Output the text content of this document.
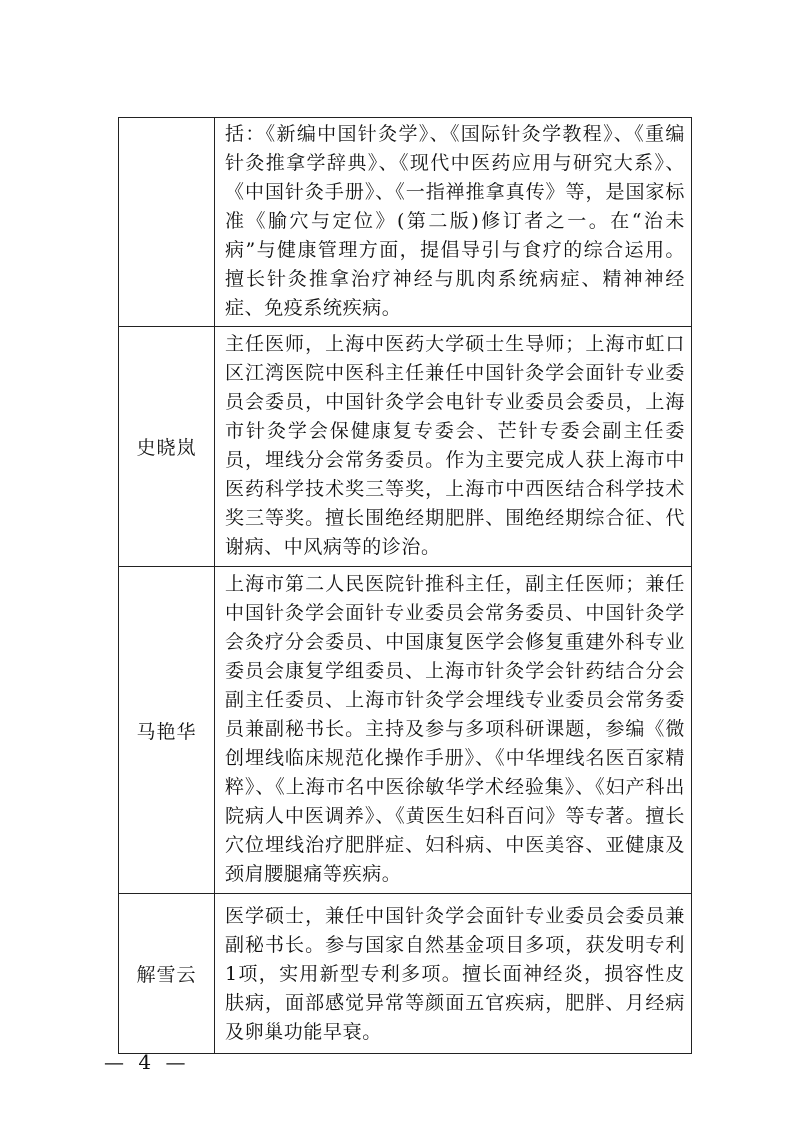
	括：《新编中国针灸学》、《国际针灸学教程》、《重编针灸推拿学辞典》、《现代中医药应用与研究大系》、《中国针灸手册》、《一指禅推拿真传》等，是国家标准《腧穴与定位》(第二版)修订者之一。在“治未病”与健康管理方面，提倡导引与食疗的综合运用。擅长针灸推拿治疗神经与肌肉系统病症、精神神经症、免疫系统疾病。

史晓岚	主任医师，上海中医药大学硕士生导师；上海市虹口区江湾医院中医科主任兼任中国针灸学会面针专业委员会委员，中国针灸学会电针专业委员会委员，上海市针灸学会保健康复专委会、芒针专委会副主任委员，埋线分会常务委员。作为主要完成人获上海市中医药科学技术奖三等奖，上海市中西医结合科学技术奖三等奖。擅长围绝经期肥胖、围绝经期综合征、代谢病、中风病等的诊治。

马艳华	上海市第二人民医院针推科主任，副主任医师；兼任中国针灸学会面针专业委员会常务委员、中国针灸学会灸疗分会委员、中国康复医学会修复重建外科专业委员会康复学组委员、上海市针灸学会针药结合分会副主任委员、上海市针灸学会埋线专业委员会常务委员兼副秘书长。主持及参与多项科研课题，参编《微创埋线临床规范化操作手册》、《中华埋线名医百家精粹》、《上海市名中医徐敏华学术经验集》、《妇产科出院病人中医调养》、《黄医生妇科百问》等专著。擅长穴位埋线治疗肥胖症、妇科病、中医美容、亚健康及颈肩腰腿痛等疾病。

解雪云	医学硕士，兼任中国针灸学会面针专业委员会委员兼副秘书长。参与国家自然基金项目多项，获发明专利1项，实用新型专利多项。擅长面神经炎，损容性皮肤病，面部感觉异常等颜面五官疾病，肥胖、月经病及卵巢功能早衰。

— 4 —
